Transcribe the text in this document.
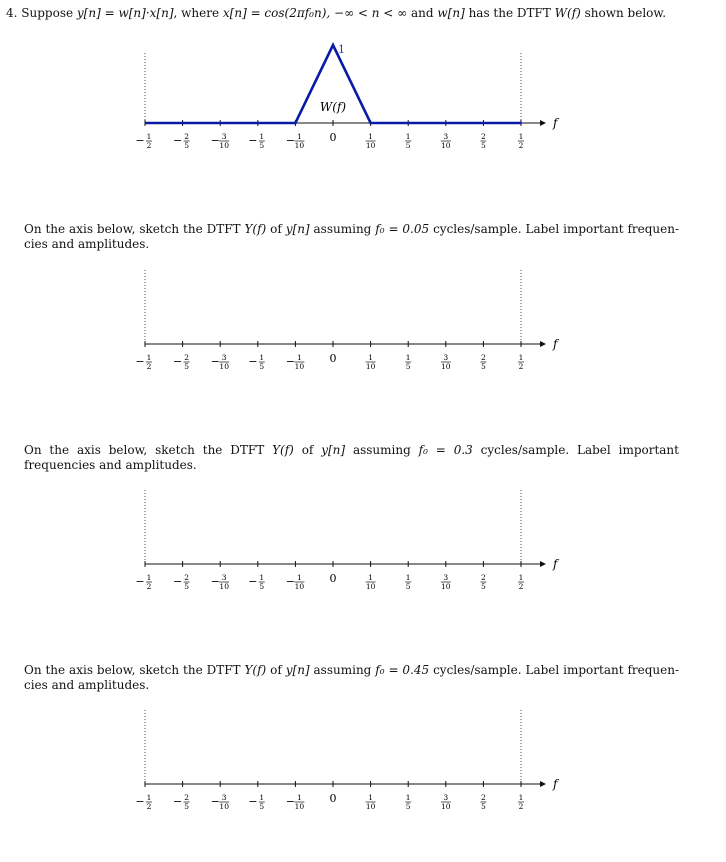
4. Suppose y[n] = w[n]·x[n], where x[n] = cos(2πf₀n), −∞ < n < ∞ and w[n] has the DTFT W(f) shown below.
f
− 1
2 − 2
5 − 3
10 − 1
5 − 1
10
0	1
10
1
5
3
10
2
5
1
2
1
W(f)
On the axis below, sketch the DTFT Y(f) of y[n] assuming f₀ = 0.05 cycles/sample. Label important frequen-cies and amplitudes.
f
− 1
2 − 2
5 − 3
10 − 1
5 − 1
10
0	1
10
1
5
3
10
2
5
1
2
On the axis below, sketch the DTFT Y(f) of y[n] assuming f₀ = 0.3 cycles/sample. Label important frequencies and amplitudes.
f
− 1
2 − 2
5 − 3
10 − 1
5 − 1
10
0	1
10
1
5
3
10
2
5
1
2
On the axis below, sketch the DTFT Y(f) of y[n] assuming f₀ = 0.45 cycles/sample. Label important frequen-cies and amplitudes.
f
− 1
2 − 2
5 − 3
10 − 1
5 − 1
10
0	1
10
1
5
3
10
2
5
1
2
